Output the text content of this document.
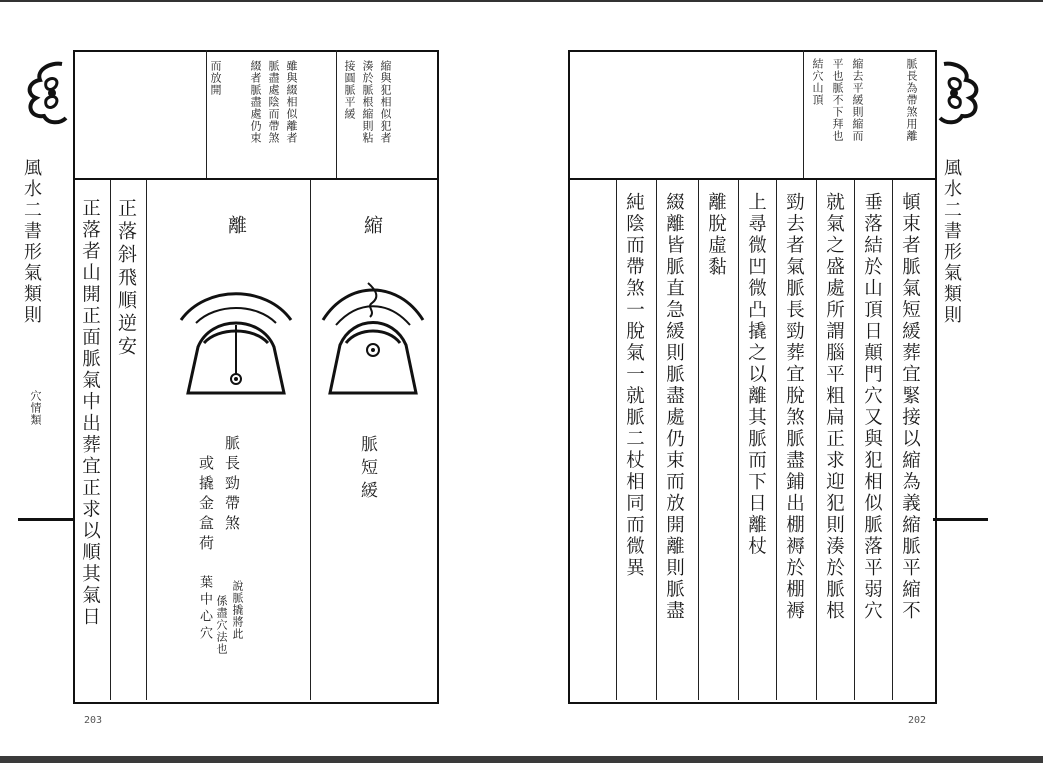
風水二書形氣類則
穴情類
縮與犯相似犯者
湊於脈根縮則粘
接圓脈平緩
雖與綴相似離者
脈盡處陰而帶煞
綴者脈盡處仍束
而放開
縮
脈短緩
離
脈長勁帶煞
或撬金盒荷
葉中心穴 說脈撬將此
係盡穴法也
正落斜飛順逆安
正落者山開正面脈氣中出葬宜正求以順其氣日
203
脈長為帶煞用離
縮去平緩則縮而
平也脈不下拜也
結穴山頂
頓束者脈氣短緩葬宜緊接以縮為義縮脈平縮不
垂落結於山頂日顛門穴又與犯相似脈落平弱穴
就氣之盛處所謂腦平粗扁正求迎犯則湊於脈根
勁去者氣脈長勁葬宜脫煞脈盡鋪出棚褥於棚褥
上尋微凹微凸撬之以離其脈而下日離杖
離脫虛黏
綴離皆脈直急緩則脈盡處仍束而放開離則脈盡
純陰而帶煞一脫氣一就脈二杖相同而微異	風水二書形氣類則
202
